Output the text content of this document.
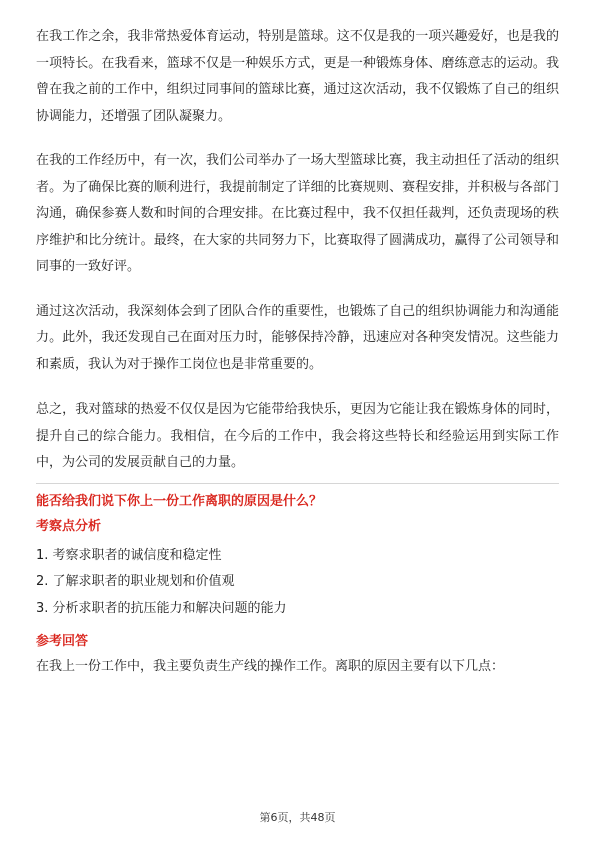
在我工作之余，我非常热爱体育运动，特别是篮球。这不仅是我的一项兴趣爱好，也是我的一项特长。在我看来，篮球不仅是一种娱乐方式，更是一种锻炼身体、磨练意志的运动。我曾在我之前的工作中，组织过同事间的篮球比赛，通过这次活动，我不仅锻炼了自己的组织协调能力，还增强了团队凝聚力。

在我的工作经历中，有一次，我们公司举办了一场大型篮球比赛，我主动担任了活动的组织者。为了确保比赛的顺利进行，我提前制定了详细的比赛规则、赛程安排，并积极与各部门沟通，确保参赛人数和时间的合理安排。在比赛过程中，我不仅担任裁判，还负责现场的秩序维护和比分统计。最终，在大家的共同努力下，比赛取得了圆满成功，赢得了公司领导和同事的一致好评。

通过这次活动，我深刻体会到了团队合作的重要性，也锻炼了自己的组织协调能力和沟通能力。此外，我还发现自己在面对压力时，能够保持冷静，迅速应对各种突发情况。这些能力和素质，我认为对于操作工岗位也是非常重要的。

总之，我对篮球的热爱不仅仅是因为它能带给我快乐，更因为它能让我在锻炼身体的同时，提升自己的综合能力。我相信，在今后的工作中，我会将这些特长和经验运用到实际工作中，为公司的发展贡献自己的力量。

能否给我们说下你上一份工作离职的原因是什么？
考察点分析
1. 考察求职者的诚信度和稳定性
2. 了解求职者的职业规划和价值观
3. 分析求职者的抗压能力和解决问题的能力
参考回答

在我上一份工作中，我主要负责生产线的操作工作。离职的原因主要有以下几点：

第6页，共48页
